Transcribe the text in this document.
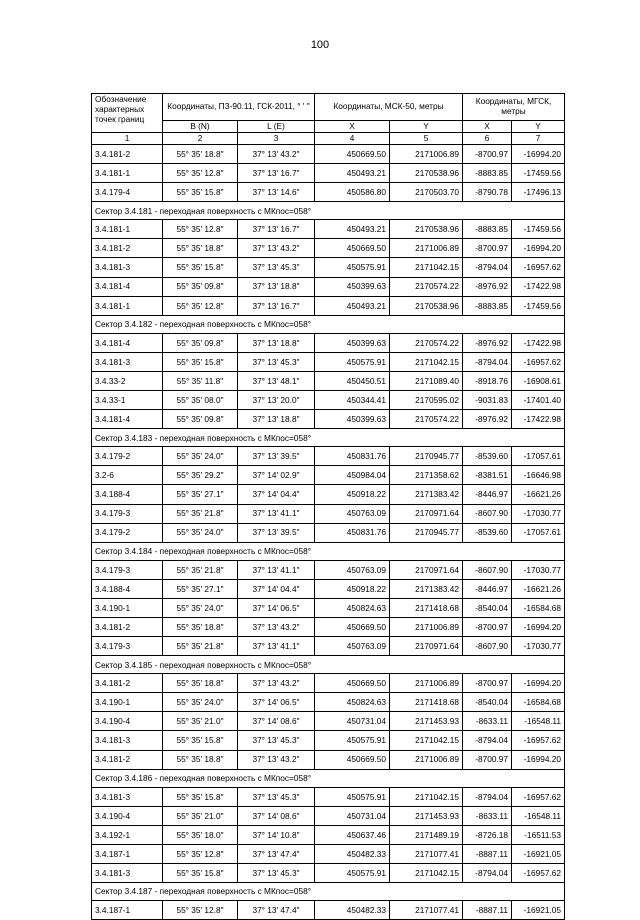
100
Обозначение характерных точек границ	Координаты, ПЗ-90.11, ГСК-2011, ° ' "		Координаты, МСК-50, метры		Координаты, МГСК, метры	
	B (N)	L (E)	X	Y	X	Y
1	2	3	4	5	6	7
3.4.181-2	55° 35' 18.8"	37° 13' 43.2"	450669.50	2171006.89	-8700.97	-16994.20
3.4.181-1	55° 35' 12.8"	37° 13' 16.7"	450493.21	2170538.96	-8883.85	-17459.56
3.4.179-4	55° 35' 15.8"	37° 13' 14.6"	450586.80	2170503.70	-8790.78	-17496.13
Сектор 3.4.181 - переходная поверхность с МКпос=058°						
3.4.181-1	55° 35' 12.8"	37° 13' 16.7"	450493.21	2170538.96	-8883.85	-17459.56
3.4.181-2	55° 35' 18.8"	37° 13' 43.2"	450669.50	2171006.89	-8700.97	-16994.20
3.4.181-3	55° 35' 15.8"	37° 13' 45.3"	450575.91	2171042.15	-8794.04	-16957.62
3.4.181-4	55° 35' 09.8"	37° 13' 18.8"	450399.63	2170574.22	-8976.92	-17422.98
3.4.181-1	55° 35' 12.8"	37° 13' 16.7"	450493.21	2170538.96	-8883.85	-17459.56
Сектор 3.4.182 - переходная поверхность с МКпос=058°						
3.4.181-4	55° 35' 09.8"	37° 13' 18.8"	450399.63	2170574.22	-8976.92	-17422.98
3.4.181-3	55° 35' 15.8"	37° 13' 45.3"	450575.91	2171042.15	-8794.04	-16957.62
3.4.33-2	55° 35' 11.8"	37° 13' 48.1"	450450.51	2171089.40	-8918.76	-16908.61
3.4.33-1	55° 35' 08.0"	37° 13' 20.0"	450344.41	2170595.02	-9031.83	-17401.40
3.4.181-4	55° 35' 09.8"	37° 13' 18.8"	450399.63	2170574.22	-8976.92	-17422.98
Сектор 3.4.183 - переходная поверхность с МКпос=058°						
3.4.179-2	55° 35' 24.0"	37° 13' 39.5"	450831.76	2170945.77	-8539.60	-17057.61
3.2-6	55° 35' 29.2"	37° 14' 02.9"	450984.04	2171358.62	-8381.51	-16646.98
3.4.188-4	55° 35' 27.1"	37° 14' 04.4"	450918.22	2171383.42	-8446.97	-16621.26
3.4.179-3	55° 35' 21.8"	37° 13' 41.1"	450763.09	2170971.64	-8607.90	-17030.77
3.4.179-2	55° 35' 24.0"	37° 13' 39.5"	450831.76	2170945.77	-8539.60	-17057.61
Сектор 3.4.184 - переходная поверхность с МКпос=058°						
3.4.179-3	55° 35' 21.8"	37° 13' 41.1"	450763.09	2170971.64	-8607.90	-17030.77
3.4.188-4	55° 35' 27.1"	37° 14' 04.4"	450918.22	2171383.42	-8446.97	-16621.26
3.4.190-1	55° 35' 24.0"	37° 14' 06.5"	450824.63	2171418.68	-8540.04	-16584.68
3.4.181-2	55° 35' 18.8"	37° 13' 43.2"	450669.50	2171006.89	-8700.97	-16994.20
3.4.179-3	55° 35' 21.8"	37° 13' 41.1"	450763.09	2170971.64	-8607.90	-17030.77
Сектор 3.4.185 - переходная поверхность с МКпос=058°						
3.4.181-2	55° 35' 18.8"	37° 13' 43.2"	450669.50	2171006.89	-8700.97	-16994.20
3.4.190-1	55° 35' 24.0"	37° 14' 06.5"	450824.63	2171418.68	-8540.04	-16584.68
3.4.190-4	55° 35' 21.0"	37° 14' 08.6"	450731.04	2171453.93	-8633.11	-16548.11
3.4.181-3	55° 35' 15.8"	37° 13' 45.3"	450575.91	2171042.15	-8794.04	-16957.62
3.4.181-2	55° 35' 18.8"	37° 13' 43.2"	450669.50	2171006.89	-8700.97	-16994.20
Сектор 3.4.186 - переходная поверхность с МКпос=058°						
3.4.181-3	55° 35' 15.8"	37° 13' 45.3"	450575.91	2171042.15	-8794.04	-16957.62
3.4.190-4	55° 35' 21.0"	37° 14' 08.6"	450731.04	2171453.93	-8633.11	-16548.11
3.4.192-1	55° 35' 18.0"	37° 14' 10.8"	450637.46	2171489.19	-8726.18	-16511.53
3.4.187-1	55° 35' 12.8"	37° 13' 47.4"	450482.33	2171077.41	-8887.11	-16921.05
3.4.181-3	55° 35' 15.8"	37° 13' 45.3"	450575.91	2171042.15	-8794.04	-16957.62
Сектор 3.4.187 - переходная поверхность с МКпос=058°						
3.4.187-1	55° 35' 12.8"	37° 13' 47.4"	450482.33	2171077.41	-8887.11	-16921.05
